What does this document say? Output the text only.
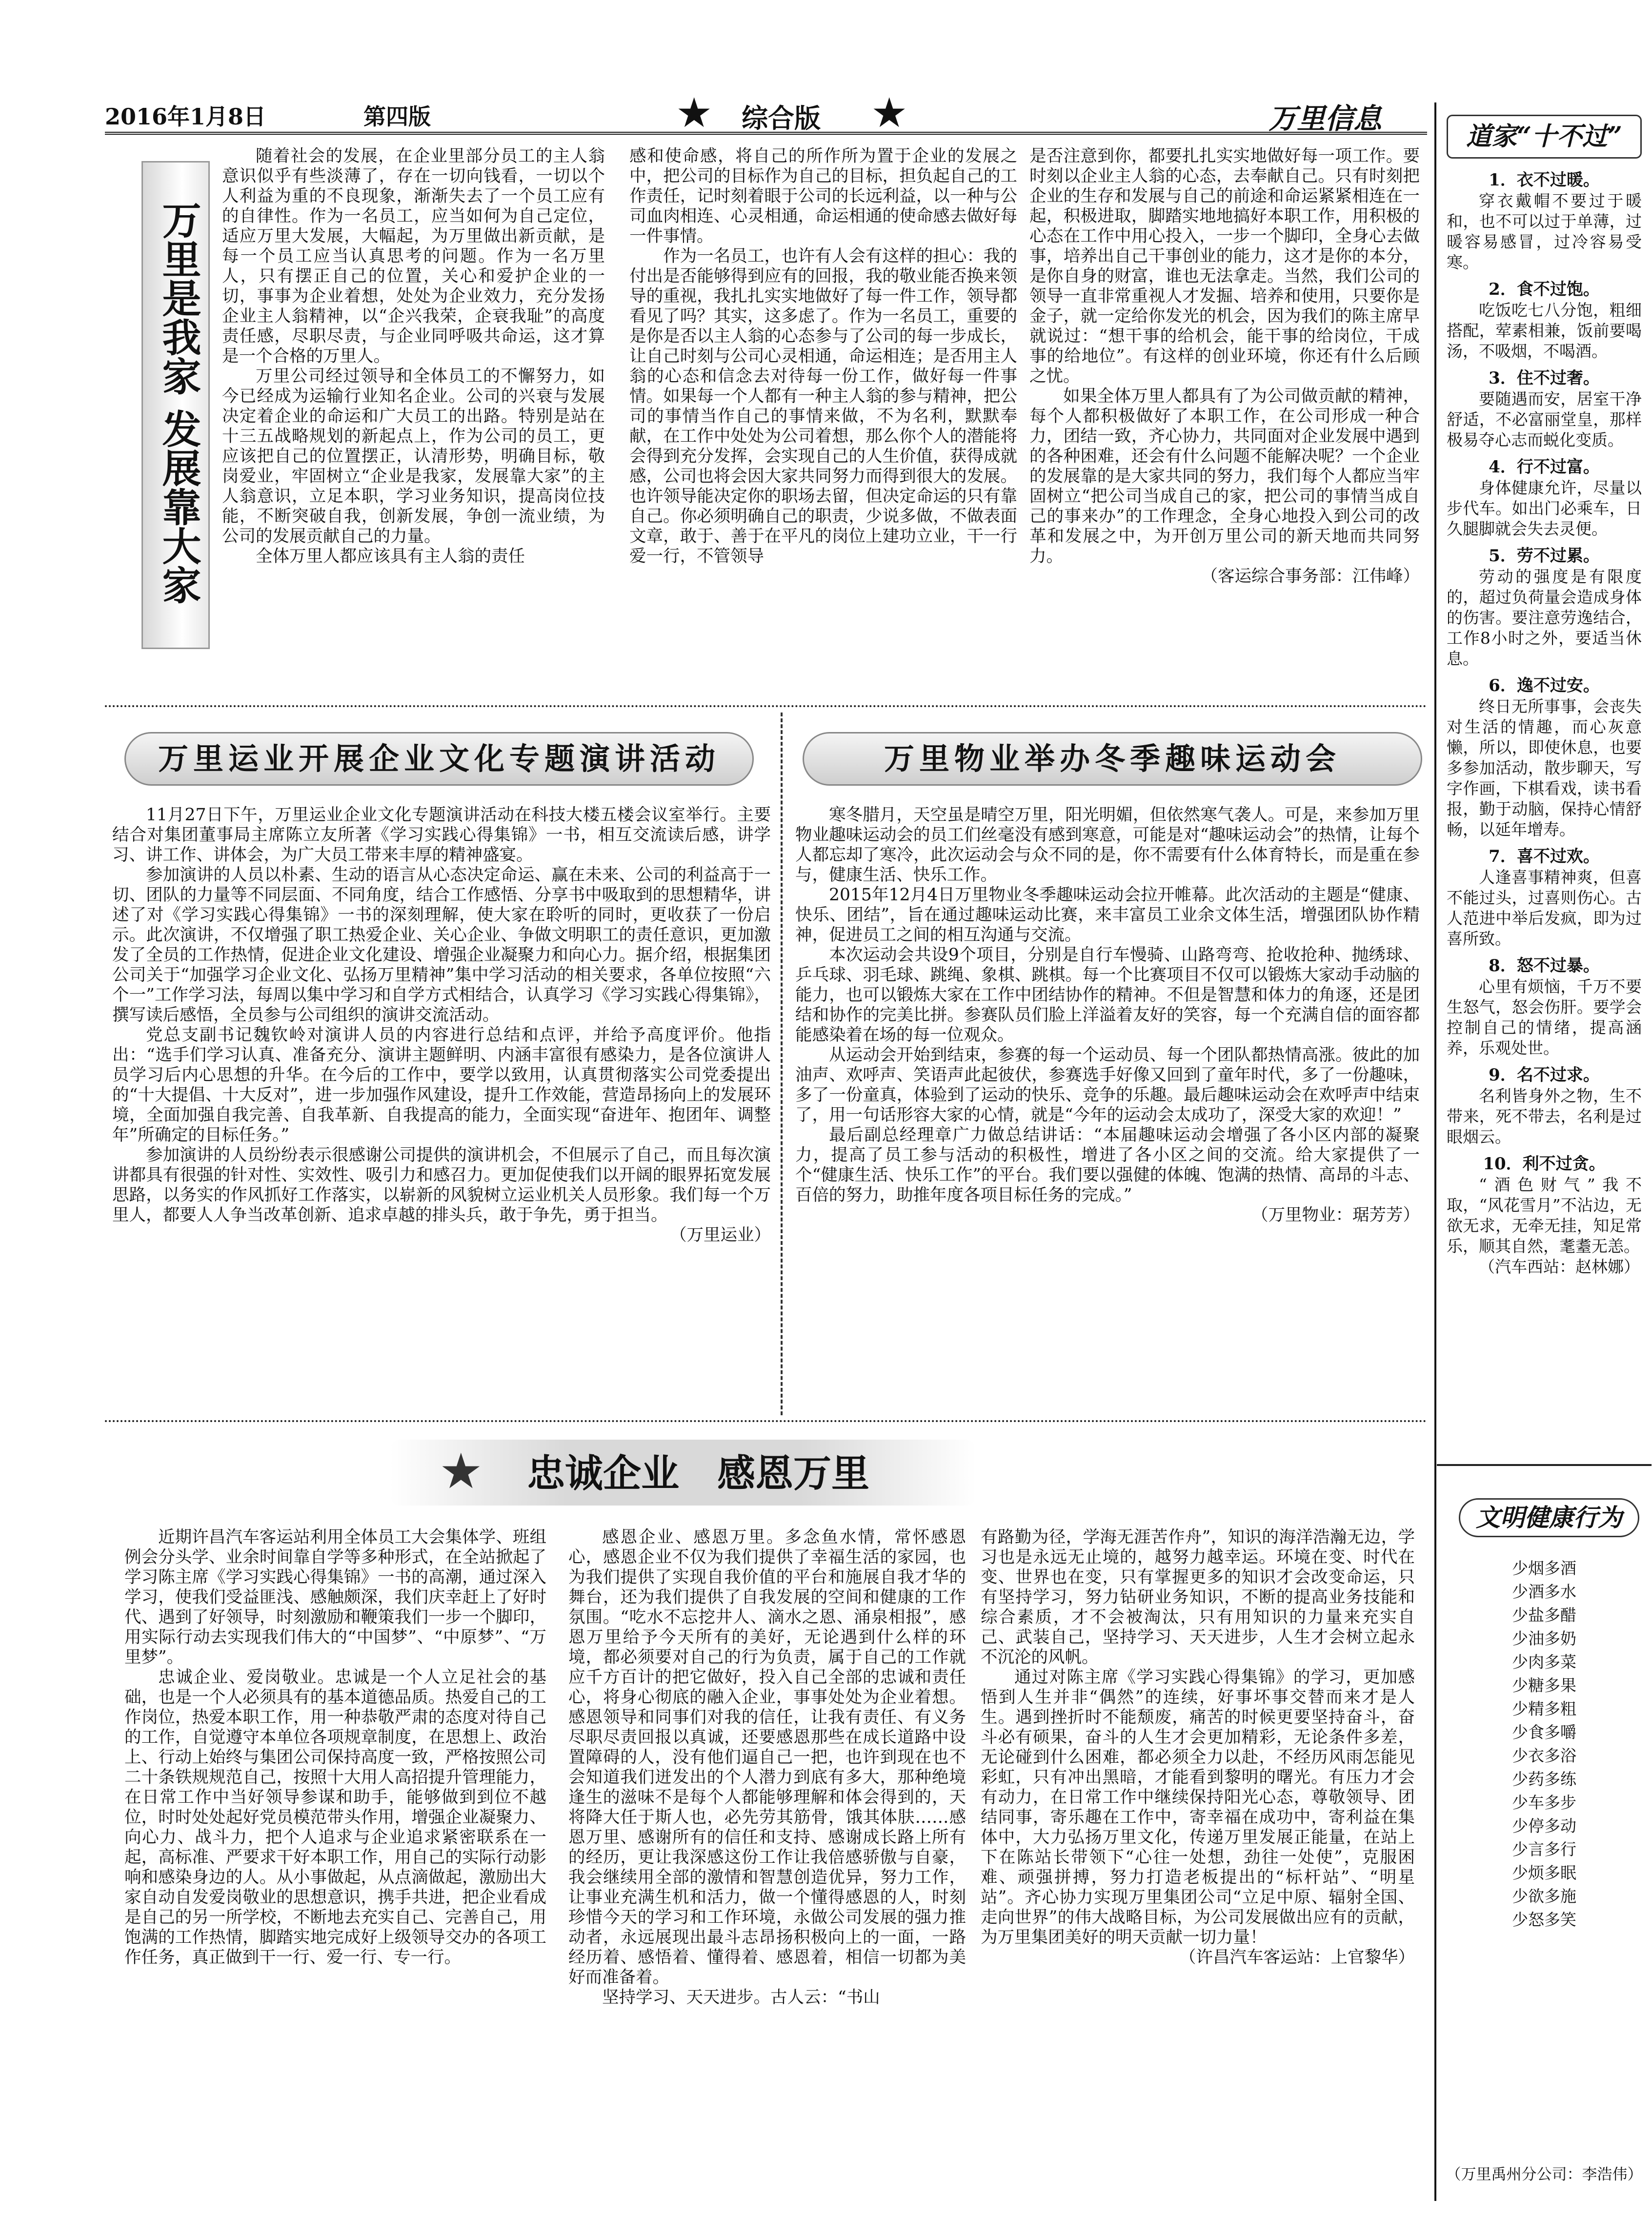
2016年1月8日	第四版	★ 综合版 ★	万里信息
万里是我家 发展靠大家

随着社会的发展，在企业里部分员工的主人翁意识似乎有些淡薄了，存在一切向钱看，一切以个人利益为重的不良现象，渐渐失去了一个员工应有的自律性。作为一名员工，应当如何为自己定位，适应万里大发展，大幅起，为万里做出新贡献，是每一个员工应当认真思考的问题。作为一名万里人，只有摆正自己的位置，关心和爱护企业的一切，事事为企业着想，处处为企业效力，充分发扬企业主人翁精神，以“企兴我荣，企衰我耻”的高度责任感，尽职尽责，与企业同呼吸共命运，这才算是一个合格的万里人。

万里公司经过领导和全体员工的不懈努力，如今已经成为运输行业知名企业。公司的兴衰与发展决定着企业的命运和广大员工的出路。特别是站在十三五战略规划的新起点上，作为公司的员工，更应该把自己的位置摆正，认清形势，明确目标，敬岗爱业，牢固树立“企业是我家，发展靠大家”的主人翁意识，立足本职，学习业务知识，提高岗位技能，不断突破自我，创新发展，争创一流业绩，为公司的发展贡献自己的力量。

全体万里人都应该具有主人翁的责任

感和使命感，将自己的所作所为置于企业的发展之中，把公司的目标作为自己的目标，担负起自己的工作责任，记时刻着眼于公司的长远利益，以一种与公司血肉相连、心灵相通，命运相通的使命感去做好每一件事情。

作为一名员工，也许有人会有这样的担心：我的付出是否能够得到应有的回报，我的敬业能否换来领导的重视，我扎扎实实地做好了每一件工作，领导都看见了吗？其实，这多虑了。作为一名员工，重要的是你是否以主人翁的心态参与了公司的每一步成长，让自己时刻与公司心灵相通，命运相连；是否用主人翁的心态和信念去对待每一份工作，做好每一件事情。如果每一个人都有一种主人翁的参与精神，把公司的事情当作自己的事情来做，不为名利，默默奉献，在工作中处处为公司着想，那么你个人的潜能将会得到充分发挥，会实现自己的人生价值，获得成就感，公司也将会因大家共同努力而得到很大的发展。也许领导能决定你的职场去留，但决定命运的只有靠自己。你必须明确自己的职责，少说多做，不做表面文章，敢于、善于在平凡的岗位上建功立业，干一行爱一行，不管领导

是否注意到你，都要扎扎实实地做好每一项工作。要时刻以企业主人翁的心态，去奉献自己。只有时刻把企业的生存和发展与自己的前途和命运紧紧相连在一起，积极进取，脚踏实地地搞好本职工作，用积极的心态在工作中用心投入，一步一个脚印，全身心去做事，培养出自己干事创业的能力，这才是你的本分，是你自身的财富，谁也无法拿走。当然，我们公司的领导一直非常重视人才发掘、培养和使用，只要你是金子，就一定给你发光的机会，因为我们的陈主席早就说过：“想干事的给机会，能干事的给岗位，干成事的给地位”。有这样的创业环境，你还有什么后顾之忧。

如果全体万里人都具有了为公司做贡献的精神，每个人都积极做好了本职工作，在公司形成一种合力，团结一致，齐心协力，共同面对企业发展中遇到的各种困难，还会有什么问题不能解决呢？一个企业的发展靠的是大家共同的努力，我们每个人都应当牢固树立“把公司当成自己的家，把公司的事情当成自己的事来办”的工作理念，全身心地投入到公司的改革和发展之中，为开创万里公司的新天地而共同努力。

（客运综合事务部：江伟峰）

万里运业开展企业文化专题演讲活动

11月27日下午，万里运业企业文化专题演讲活动在科技大楼五楼会议室举行。主要结合对集团董事局主席陈立友所著《学习实践心得集锦》一书，相互交流读后感，讲学习、讲工作、讲体会，为广大员工带来丰厚的精神盛宴。

参加演讲的人员以朴素、生动的语言从心态决定命运、赢在未来、公司的利益高于一切、团队的力量等不同层面、不同角度，结合工作感悟、分享书中吸取到的思想精华，讲述了对《学习实践心得集锦》一书的深刻理解，使大家在聆听的同时，更收获了一份启示。此次演讲，不仅增强了职工热爱企业、关心企业、争做文明职工的责任意识，更加激发了全员的工作热情，促进企业文化建设、增强企业凝聚力和向心力。据介绍，根据集团公司关于“加强学习企业文化、弘扬万里精神”集中学习活动的相关要求，各单位按照“六个一”工作学习法，每周以集中学习和自学方式相结合，认真学习《学习实践心得集锦》，撰写读后感悟，全员参与公司组织的演讲交流活动。

党总支副书记魏钦岭对演讲人员的内容进行总结和点评，并给予高度评价。他指出：“选手们学习认真、准备充分、演讲主题鲜明、内涵丰富很有感染力，是各位演讲人员学习后内心思想的升华。在今后的工作中，要学以致用，认真贯彻落实公司党委提出的“十大提倡、十大反对”，进一步加强作风建设，提升工作效能，营造昂扬向上的发展环境，全面加强自我完善、自我革新、自我提高的能力，全面实现“奋进年、抱团年、调整年”所确定的目标任务。”

参加演讲的人员纷纷表示很感谢公司提供的演讲机会，不但展示了自己，而且每次演讲都具有很强的针对性、实效性、吸引力和感召力。更加促使我们以开阔的眼界拓宽发展思路，以务实的作风抓好工作落实，以崭新的风貌树立运业机关人员形象。我们每一个万里人，都要人人争当改革创新、追求卓越的排头兵，敢于争先，勇于担当。

（万里运业）

万里物业举办冬季趣味运动会

寒冬腊月，天空虽是晴空万里，阳光明媚，但依然寒气袭人。可是，来参加万里物业趣味运动会的员工们丝毫没有感到寒意，可能是对“趣味运动会”的热情，让每个人都忘却了寒冷，此次运动会与众不同的是，你不需要有什么体育特长，而是重在参与，健康生活、快乐工作。

2015年12月4日万里物业冬季趣味运动会拉开帷幕。此次活动的主题是“健康、快乐、团结”，旨在通过趣味运动比赛，来丰富员工业余文体生活，增强团队协作精神，促进员工之间的相互沟通与交流。

本次运动会共设9个项目，分别是自行车慢骑、山路弯弯、抢收抢种、抛绣球、乒乓球、羽毛球、跳绳、象棋、跳棋。每一个比赛项目不仅可以锻炼大家动手动脑的能力，也可以锻炼大家在工作中团结协作的精神。不但是智慧和体力的角逐，还是团结和协作的完美比拼。参赛队员们脸上洋溢着友好的笑容，每一个充满自信的面容都能感染着在场的每一位观众。

从运动会开始到结束，参赛的每一个运动员、每一个团队都热情高涨。彼此的加油声、欢呼声、笑语声此起彼伏，参赛选手好像又回到了童年时代，多了一份趣味，多了一份童真，体验到了运动的快乐、竞争的乐趣。最后趣味运动会在欢呼声中结束了，用一句话形容大家的心情，就是“今年的运动会太成功了，深受大家的欢迎！”

最后副总经理章广力做总结讲话：“本届趣味运动会增强了各小区内部的凝聚力，提高了员工参与活动的积极性，增进了各小区之间的交流。给大家提供了一个“健康生活、快乐工作”的平台。我们要以强健的体魄、饱满的热情、高昂的斗志、百倍的努力，助推年度各项目标任务的完成。”

（万里物业：琚芳芳）

★ 忠诚企业　感恩万里

近期许昌汽车客运站利用全体员工大会集体学、班组例会分头学、业余时间靠自学等多种形式，在全站掀起了学习陈主席《学习实践心得集锦》一书的高潮，通过深入学习，使我们受益匪浅、感触颇深，我们庆幸赶上了好时代、遇到了好领导，时刻激励和鞭策我们一步一个脚印，用实际行动去实现我们伟大的“中国梦”、“中原梦”、“万里梦”。

忠诚企业、爱岗敬业。忠诚是一个人立足社会的基础，也是一个人必须具有的基本道德品质。热爱自己的工作岗位，热爱本职工作，用一种恭敬严肃的态度对待自己的工作，自觉遵守本单位各项规章制度，在思想上、政治上、行动上始终与集团公司保持高度一致，严格按照公司二十条铁规规范自己，按照十大用人高招提升管理能力，在日常工作中当好领导参谋和助手，能够做到到位不越位，时时处处起好党员模范带头作用，增强企业凝聚力、向心力、战斗力，把个人追求与企业追求紧密联系在一起，高标准、严要求干好本职工作，用自己的实际行动影响和感染身边的人。从小事做起，从点滴做起，激励出大家自动自发爱岗敬业的思想意识，携手共进，把企业看成是自己的另一所学校，不断地去充实自己、完善自己，用饱满的工作热情，脚踏实地完成好上级领导交办的各项工作任务，真正做到干一行、爱一行、专一行。

感恩企业、感恩万里。多念鱼水情，常怀感恩心，感恩企业不仅为我们提供了幸福生活的家园，也为我们提供了实现自我价值的平台和施展自我才华的舞台，还为我们提供了自我发展的空间和健康的工作氛围。“吃水不忘挖井人、滴水之恩、涌泉相报”，感恩万里给予今天所有的美好，无论遇到什么样的环境，都必须要对自己的行为负责，属于自己的工作就应千方百计的把它做好，投入自己全部的忠诚和责任心，将身心彻底的融入企业，事事处处为企业着想。感恩领导和同事们对我的信任，让我有责任、有义务尽职尽责回报以真诚，还要感恩那些在成长道路中设置障碍的人，没有他们逼自己一把，也许到现在也不会知道我们迸发出的个人潜力到底有多大，那种绝境逢生的滋味不是每个人都能够理解和体会得到的，天将降大任于斯人也，必先劳其筋骨，饿其体肤……感恩万里、感谢所有的信任和支持、感谢成长路上所有的经历，更让我深感这份工作让我倍感骄傲与自豪，我会继续用全部的激情和智慧创造优异，努力工作，让事业充满生机和活力，做一个懂得感恩的人，时刻珍惜今天的学习和工作环境，永做公司发展的强力推动者，永远展现出最斗志昂扬积极向上的一面，一路经历着、感悟着、懂得着、感恩着，相信一切都为美好而准备着。

坚持学习、天天进步。古人云：“书山

有路勤为径，学海无涯苦作舟”，知识的海洋浩瀚无边，学习也是永远无止境的，越努力越幸运。环境在变、时代在变、世界也在变，只有掌握更多的知识才会改变命运，只有坚持学习，努力钻研业务知识，不断的提高业务技能和综合素质，才不会被淘汰，只有用知识的力量来充实自己、武装自己，坚持学习、天天进步，人生才会树立起永不沉沦的风帆。

通过对陈主席《学习实践心得集锦》的学习，更加感悟到人生并非“偶然”的连续，好事坏事交替而来才是人生。遇到挫折时不能颓废，痛苦的时候更要坚持奋斗，奋斗必有硕果，奋斗的人生才会更加精彩，无论条件多差，无论碰到什么困难，都必须全力以赴，不经历风雨怎能见彩虹，只有冲出黑暗，才能看到黎明的曙光。有压力才会有动力，在日常工作中继续保持阳光心态，尊敬领导、团结同事，寄乐趣在工作中，寄幸福在成功中，寄利益在集体中，大力弘扬万里文化，传递万里发展正能量，在站上下在陈站长带领下“心往一处想，劲往一处使”，克服困难、顽强拼搏，努力打造老板提出的“标杆站”、“明星站”。齐心协力实现万里集团公司“立足中原、辐射全国、走向世界”的伟大战略目标，为公司发展做出应有的贡献，为万里集团美好的明天贡献一切力量！

（许昌汽车客运站：上官黎华）

道家“十不过”
1．衣不过暖。

穿衣戴帽不要过于暖和，也不可以过于单薄，过暖容易感冒，过冷容易受寒。

2．食不过饱。

吃饭吃七八分饱，粗细搭配，荤素相兼，饭前要喝汤，不吸烟，不喝酒。

3．住不过奢。

要随遇而安，居室干净舒适，不必富丽堂皇，那样极易夺心志而蜕化变质。

4．行不过富。

身体健康允许，尽量以步代车。如出门必乘车，日久腿脚就会失去灵便。

5．劳不过累。

劳动的强度是有限度的，超过负荷量会造成身体的伤害。要注意劳逸结合，工作8小时之外，要适当休息。

6．逸不过安。

终日无所事事，会丧失对生活的情趣，而心灰意懒，所以，即使休息，也要多参加活动，散步聊天，写字作画，下棋看戏，读书看报，勤于动脑，保持心情舒畅，以延年增寿。

7．喜不过欢。

人逢喜事精神爽，但喜不能过头，过喜则伤心。古人范进中举后发疯，即为过喜所致。

8．怒不过暴。

心里有烦恼，千万不要生怒气，怒会伤肝。要学会控制自己的情绪，提高涵养，乐观处世。

9．名不过求。

名利皆身外之物，生不带来，死不带去，名利是过眼烟云。

10．利不过贪。

“酒色财气”我不取，“风花雪月”不沾边，无欲无求，无牵无挂，知足常乐，顺其自然，耄耋无恙。

（汽车西站：赵林娜）

文明健康行为
少烟多酒
少酒多水
少盐多醋
少油多奶
少肉多菜
少糖多果
少精多粗
少食多嚼
少衣多浴
少药多练
少车多步
少停多动
少言多行
少烦多眠
少欲多施
少怒多笑
（万里禹州分公司：李浩伟）
